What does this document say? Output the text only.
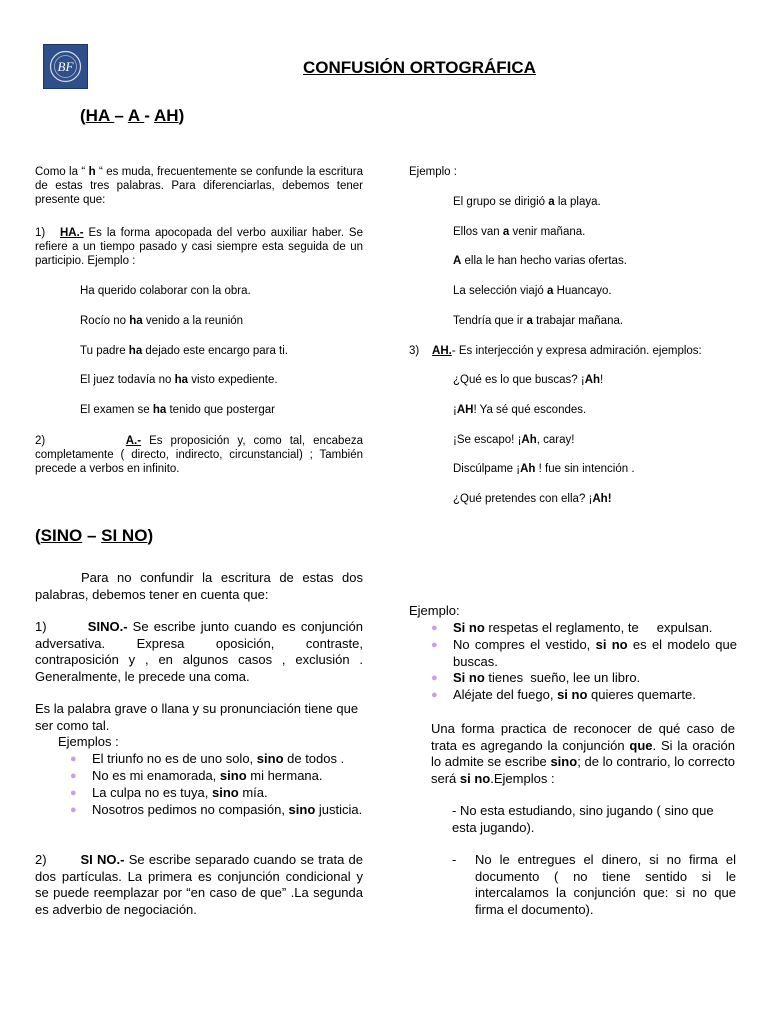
BF	CONFUSIÓN ORTOGRÁFICA
(HA – A - AH)

Como la “ h “ es muda, frecuentemente se confunde la escritura de estas tres palabras. Para diferenciarlas, debemos tener presente que:

1)   HA.- Es la forma apocopada del verbo auxiliar haber. Se refiere a un tiempo pasado y casi siempre esta seguida de un participio. Ejemplo :

Ha querido colaborar con la obra.
Rocío no ha venido a la reunión
Tu padre ha dejado este encargo para ti.
El juez todavía no ha visto expediente.
El examen se ha tenido que postergar

2)	A.- Es proposición y, como tal, encabeza completamente ( directo, indirecto, circunstancial) ; También precede a verbos en infinito.

Ejemplo :
El grupo se dirigió a la playa.
Ellos van a venir mañana.
A ella le han hecho varias ofertas.
La selección viajó a Huancayo.
Tendría que ir a trabajar mañana.
3)    AH.- Es interjección y expresa admiración. ejemplos:
¿Qué es lo que buscas? ¡Ah!
¡AH! Ya sé qué escondes.
¡Se escapo! ¡Ah, caray!
Discúlpame ¡Ah ! fue sin intención .
¿Qué pretendes con ella? ¡Ah!
(SINO – SI NO)

Para no confundir la escritura de estas dos palabras, debemos tener en cuenta que:

1)	SINO.- Se escribe junto cuando es conjunción adversativa. Expresa oposición, contraste, contraposición y , en algunos casos , exclusión . Generalmente, le precede una coma.

Es la palabra grave o llana y su pronunciación tiene que ser como tal.

Ejemplos :
● El triunfo no es de uno solo, sino de todos .
● No es mi enamorada, sino mi hermana.
● La culpa no es tuya, sino mía.
● Nosotros pedimos no compasión, sino justicia.

2)        SI NO.- Se escribe separado cuando se trata de dos partículas. La primera es conjunción condicional y se puede reemplazar por “en caso de que” .La segunda es adverbio de negociación.

Ejemplo:
● Si no respetas el reglamento, te     expulsan.
● No compres el vestido, si no es el modelo que buscas.
● Si no tienes  sueño, lee un libro.
● Aléjate del fuego, si no quieres quemarte.

Una forma practica de reconocer de qué caso de trata es agregando la conjunción que. Si la oración lo admite se escribe sino; de lo contrario, lo correcto será si no.Ejemplos :

- No esta estudiando, sino jugando ( sino que esta jugando).

- No le entregues el dinero, si no firma el documento ( no tiene sentido si le intercalamos la conjunción que: si no que firma el documento).
